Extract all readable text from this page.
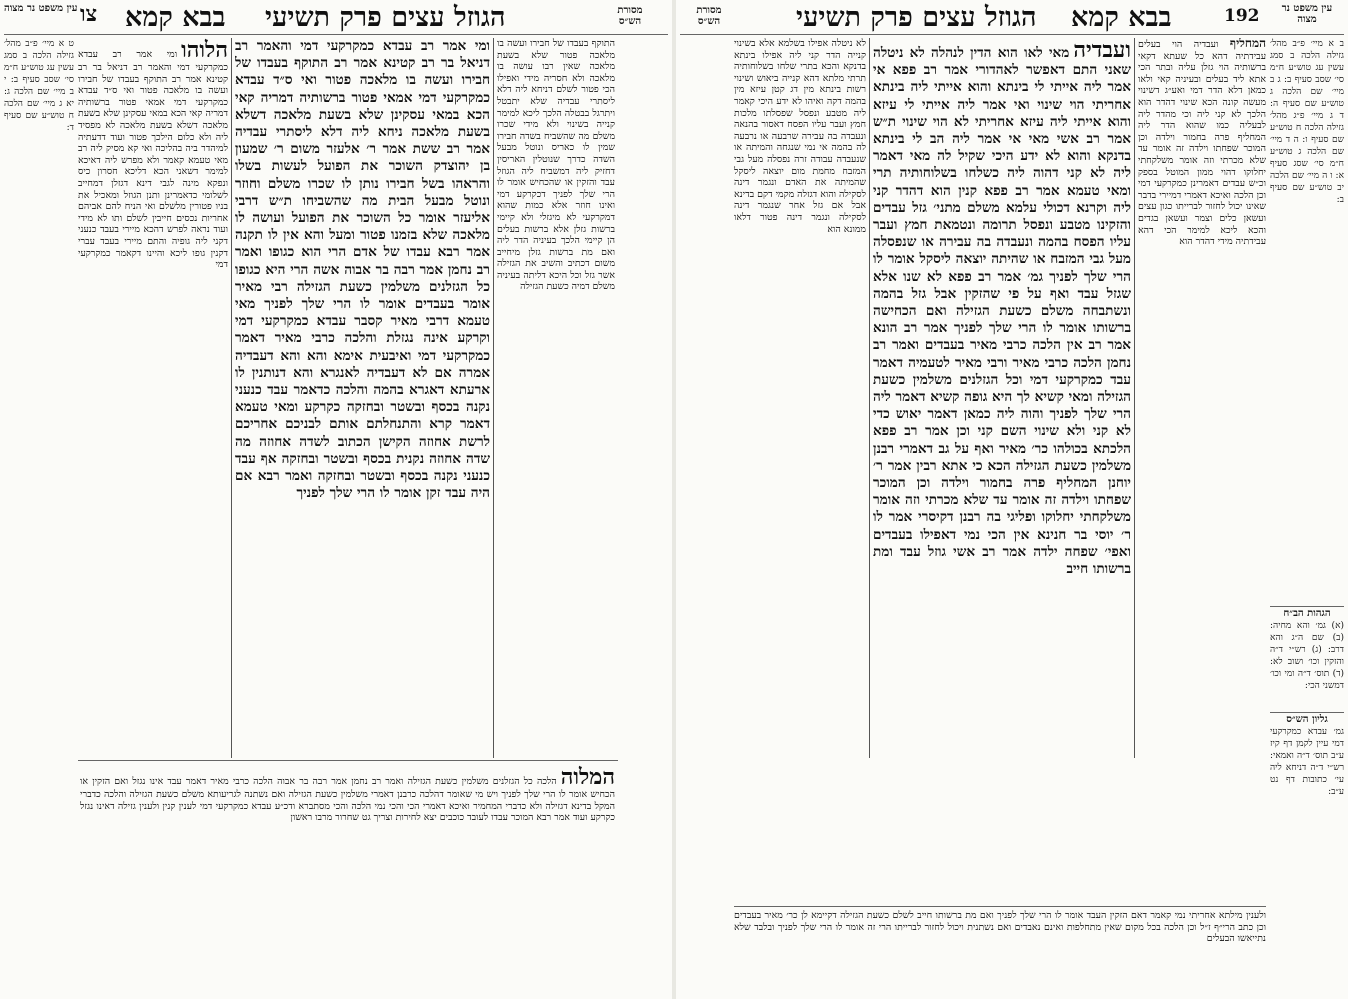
עין משפט נר מצוה צו בבא קמא הגוזל עצים פרק תשיעי	מסורת הש״ס

ט א מיי׳ פ״ב מהל׳ גזילה הלכה ב סמג עשין עג טוש״ע ח״מ סי׳ שסב סעיף ב: י ב מיי׳ שם הלכה ג: יא ג מיי׳ שם הלכה ח טוש״ע שם סעיף ד:

הלוהוומי אמר רב עבדא כמקרקעי דמי והאמר רב דניאל בר רב קטינא אמר רב התוקף בעבדו של חבירו ועשה בו מלאכה פטור ואי ס״ד עבדא כמקרקעי דמי אמאי פטור ברשותיה דמריה קאי הכא במאי עסקינן שלא בשעת מלאכה דשלא בשעת מלאכה לא מפסיד ליה ולא כלום הילכך פטור ועוד דדעתיה למיהדר ביה בהליכה ואי קא מסיק ליה רב מאי טעמא קאמר ולא מפרש ליה דאיכא למימר דשאני הכא דליכא חסרון כיס ונפקא מינה לגבי דינא דגזלן דמחייב לשלומי כדאמרינן ותנן הגוזל ומאכיל את בניו פטורין מלשלם ואי הניח להם אביהם אחריות נכסים חייבין לשלם ותו לא מידי ועוד נראה לפרש דהכא מיירי בעבד כנעני דקני ליה גופיה והתם מיירי בעבד עברי דקנין גופו ליכא והיינו דקאמר כמקרקעי דמי

ומי אמר רב עבדא כמקרקעי דמי והאמר רב דניאל בר רב קטינא אמר רב התוקף בעבדו של חבירו ועשה בו מלאכה פטור ואי ס״ד עבדא כמקרקעי דמי אמאי פטור ברשותיה דמריה קאי הכא במאי עסקינן שלא בשעת מלאכה דשלא בשעת מלאכה ניחא ליה דלא ליסתרי עבדיה אמר רב ששת אמר ר׳ אלעזר משום ר׳ שמעון בן יהוצדק השוכר את הפועל לעשות בשלו והראהו בשל חבירו נותן לו שכרו משלם וחוזר ונוטל מבעל הבית מה שהשביחו ת״ש דרבי אליעזר אומר כל השוכר את הפועל ועושה לו מלאכה שלא בזמנו פטור ומעל והא אין לו תקנה אמר רבא עבדו של אדם הרי הוא כגופו ואמר רב נחמן אמר רבה בר אבוה אשה הרי היא כגופו כל הגזלנים משלמין כשעת הגזילה רבי מאיר אומר בעבדים אומר לו הרי שלך לפניך מאי טעמא דרבי מאיר קסבר עבדא כמקרקעי דמי וקרקע אינה נגזלת והלכה כרבי מאיר דאמר כמקרקעי דמי ואיבעית אימא והא והא דעבדיה אמרה אם לא דעבדיה לאנגרא והא דנותנין לו ארעתא דאגרא בהמה והלכה כדאמר עבד כנעני נקנה בכסף ובשטר ובחזקה כקרקע ומאי טעמא דאמר קרא והתנחלתם אותם לבניכם אחריכם לרשת אחוזה הקישן הכתוב לשדה אחוזה מה שדה אחוזה נקנית בכסף ובשטר ובחזקה אף עבד כנעני נקנה בכסף ובשטר ובחזקה ואמר רבא אם היה עבד זקן אומר לו הרי שלך לפניך

התוקף בעבדו של חבירו ועשה בו מלאכה פטור שלא בשעת מלאכה שאין רבו עושה בו מלאכה ולא חסריה מידי ואפילו הכי פטור לשלם דניחא ליה דלא ליסתרי עבדיה שלא יתבטל ויתרגל בבטלה הלכך ליכא למימר קנייה בשינוי ולא מידי שכרו משלם מה שהשביח בשדה חבירו שמין לו כאריס ונוטל מבעל השדה כדרך שנוטלין האריסין דחזיק ליה דמשביח ליה הגוזל עבד והזקין או שהכחיש אומר לו הרי שלך לפניך דכקרקע דמי ואינו חוזר אלא כמות שהוא דמקרקעי לא מיגזלי ולא קיימי ברשות גזלן אלא ברשות בעלים הן קיימי הלכך בעיניה הדר ליה ואם מת ברשות גזלן מיחייב משום דכתיב והשיב את הגזילה אשר גזל וכל היכא דליתה בעיניה משלם דמיה כשעת הגזילה

המלוההלכה כל הגזלנים משלמין כשעת הגזילה ואמר רב נחמן אמר רבה בר אבוה הלכה כרבי מאיר דאמר עבד אינו נגזל ואם הזקין או הכחיש אומר לו הרי שלך לפניך ויש מי שאומר דהלכה כרבנן דאמרי משלמין כשעת הגזילה ואם נשתנה לגריעותא משלם כשעת הגזילה והלכה כדברי המקל בדינא דגזילה ולא כדברי המחמיר ואיכא דאמרי הכי והכי נמי הלכה והכי מסתברא ודכ״ע עבדא כמקרקעי דמי לענין קנין ולענין גזילה דאינו נגזל כקרקע ועוד אמר רבא המוכר עבדו לעובד כוכבים יצא לחירות וצריך גט שחרור מרבו ראשון

מסורת הש״ס	בבא קמא
הגוזל עצים פרק תשיעי	192	עין משפט נר מצוה

לא ניטלה אפילו בשלמא אלא בשינוי קנייה הדר קני ליה אפילו בינתא בדנקא והכא בתרי שלחו בשלוחותיה תרתי מלתא דהא קנייה ביאוש ושינוי רשות בינתא מין דג קטן עיזא מין בהמה דקה ואיהו לא ידע היכי קאמר ליה מטבע ונפסל שפסלתו מלכות חמץ ועבר עליו הפסח דאסור בהנאה ונעבדה בה עבירה שרבעה או נרבעה לה בהמה אי נמי שנגחה והמיתה או שנעבדה עבודה זרה נפסלה מעל גבי המזבח מחמת מום יוצאה ליסקל שהמיתה את האדם ונגמר דינה לסקילה והוא דגזלה מקמי דקם בדינא אבל אם גזל אחר שנגמר דינה לסקילה ונגמר דינה פטור דלאו ממונא הוא

ועבדיהמאי לאו הוא הדין לנהלה לא ניטלה שאני התם דאפשר לאהדורי אמר רב פפא אי אמר ליה אייתי לי בינתא והוא אייתי ליה בינתא אחריתי הוי שינוי ואי אמר ליה אייתי לי עיזא והוא אייתי ליה עיזא אחריתי לא הוי שינוי ת״ש אמר רב אשי מאי אי אמר ליה הב לי בינתא בדנקא והוא לא ידע היכי שקיל לה מאי דאמר ליה לא קני דהוה ליה כשלחו בשלוחותיה תרי ומאי טעמא אמר רב פפא קנין הוא דהדר קני ליה וקרנא דכולי עלמא משלם מתני׳ גזל עבדים והזקינו מטבע ונפסל תרומה ונטמאת חמץ ועבר עליו הפסח בהמה ונעבדה בה עבירה או שנפסלה מעל גבי המזבח או שהיתה יוצאה ליסקל אומר לו הרי שלך לפניך גמ׳ אמר רב פפא לא שנו אלא שגזל עבד ואף על פי שהזקין אבל גזל בהמה ונשתבחה משלם כשעת הגזילה ואם הכחישה ברשותו אומר לו הרי שלך לפניך אמר רב הונא אמר רב אין הלכה כרבי מאיר בעבדים ואמר רב נחמן הלכה כרבי מאיר ורבי מאיר לטעמיה דאמר עבד כמקרקעי דמי וכל הגזלנים משלמין כשעת הגזילה ומאי קשיא לך היא גופה קשיא דאמר ליה הרי שלך לפניך והוה ליה כמאן דאמר יאוש כדי לא קני ולא שינוי השם קני וכן אמר רב פפא הלכתא בכולהו כר׳ מאיר ואף על גב דאמרי רבנן משלמין כשעת הגזילה הכא כי אתא רבין אמר ר׳ יוחנן המחליף פרה בחמור וילדה וכן המוכר שפחתו וילדה זה אומר עד שלא מכרתי וזה אומר משלקחתי יחלוקו ופליגי בה רבנן דקיסרי אמר לו ר׳ יוסי בר חנינא אין הכי נמי דאפילו בעבדים ואפי׳ שפחה ילדה אמר רב אשי גוזל עבד ומת ברשותו חייב

המחליף ועבדיה הוי בעלים עבידתיה דהא כל שעתא דקאי ברשותיה הוי גזלן עליה ובתר הכי אתא ליד בעלים ובעיניה קאי ולאו כמאן דלא הדר דמי ואע״ג דשינוי מעשה קונה הכא שינוי דהדר הוא הלכך לא קני ליה וכי מהדר ליה לבעליה כמו שהוא הדר ליה המחליף פרה בחמור וילדה וכן המוכר שפחתו וילדה זה אומר עד שלא מכרתי וזה אומר משלקחתי יחלוקו דהוי ממון המוטל בספק וכ״ש עבדים דאמרינן כמקרקעי דמי וכן הלכה ואיכא דאמרי דמיירי בדבר שאינו יכול לחזור לברייתו כגון עצים ועשאן כלים וצמר ועשאן בגדים והכא ליכא למימר הכי דהא עבידתיה מידי דהדר הוא

ב א מיי׳ פ״ב מהל׳ גזילה הלכה ב סמג עשין עג טוש״ע ח״מ סי׳ שסב סעיף ב: ג ב מיי׳ שם הלכה ג טוש״ע שם סעיף ה: ד ג מיי׳ פ״ג מהל׳ גזילה הלכה ח טוש״ע שם סעיף ו: ה ד מיי׳ שם הלכה ג טוש״ע ח״מ סי׳ שסג סעיף א: ו ה מיי׳ שם הלכה יב טוש״ע שם סעיף ב:

הגהות הב״ח

(א) גמ׳ והא מחיה: (ב) שם ה״ג והא דרב: (ג) רש״י ד״ה והזקין וכו׳ ושוב לא: (ד) תוס׳ ד״ה ומי וכו׳ דמשני הכי:

גליון הש״ס

גמ׳ עבדא כמקרקעי דמי עיין לקמן דף קיז ע״ב תוס׳ ד״ה ואמאי: רש״י ד״ה דניחא ליה עי׳ כתובות דף נט ע״ב:

ולענין מילתא אחריתי נמי קאמר דאם הזקין העבד אומר לו הרי שלך לפניך ואם מת ברשותו חייב לשלם כשעת הגזילה דקיימא לן כר׳ מאיר בעבדים וכן כתב הרי״ף ז״ל וכן הלכה בכל מקום שאין מתחלפות ואינם נאבדים ואם נשתנית ויכול לחזור לברייתו הרי זה אומר לו הרי שלך לפניך ובלבד שלא נתייאשו הבעלים
